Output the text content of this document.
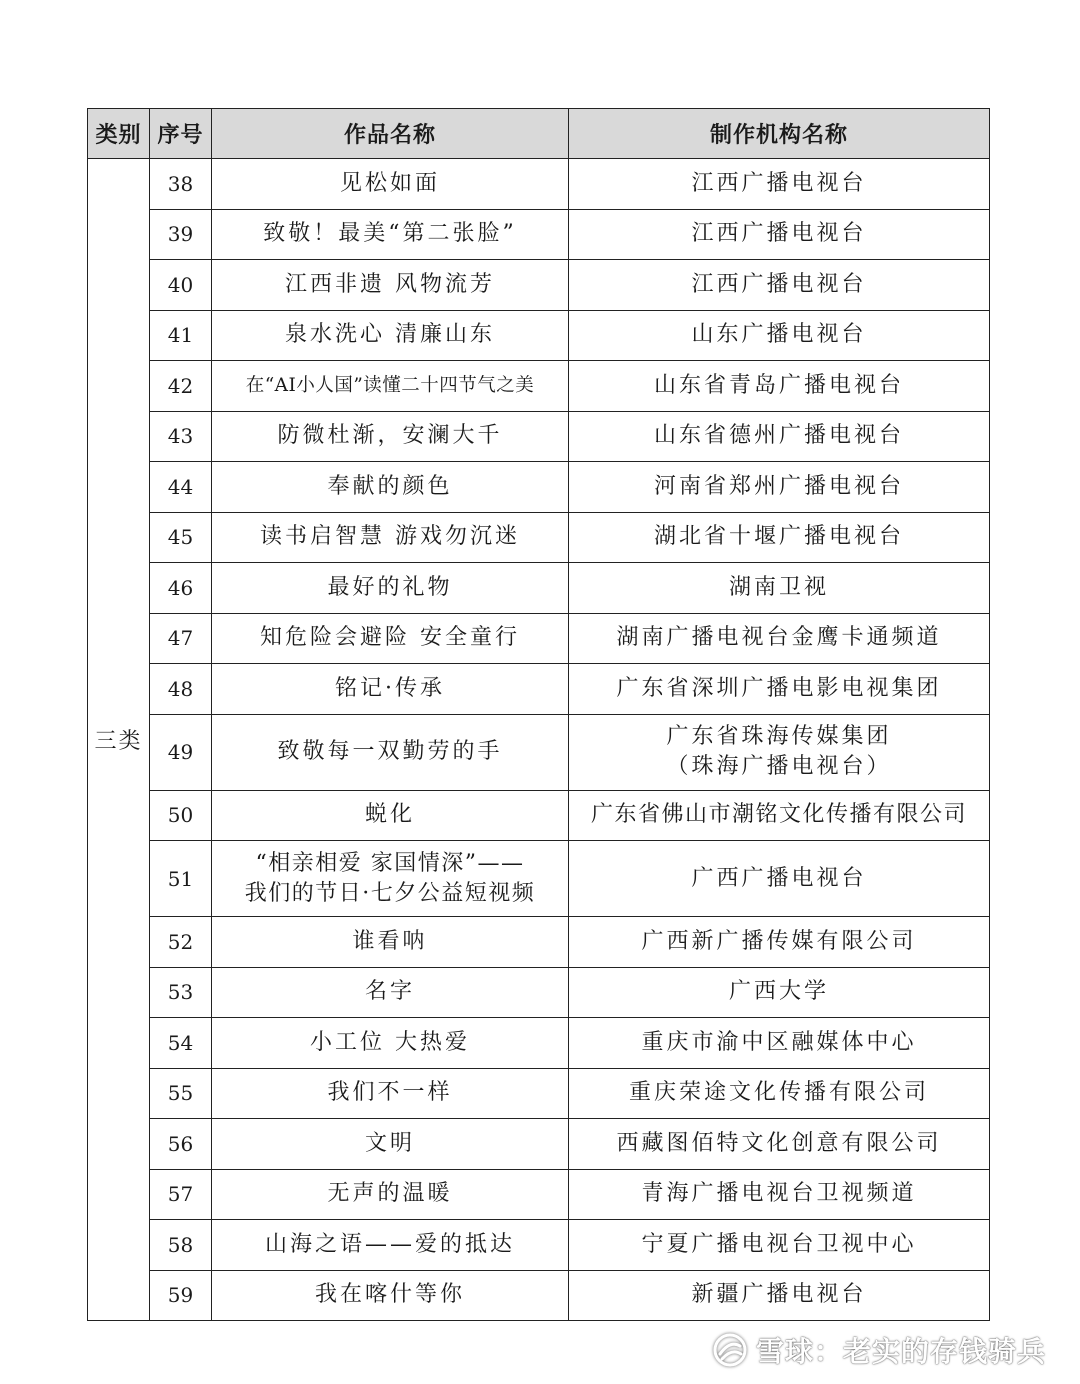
类别	序号	作品名称	制作机构名称
三类	38	见松如面	江西广播电视台

	39	致敬！最美“第二张脸”	江西广播电视台

	40	江西非遗 风物流芳	江西广播电视台

	41	泉水洗心 清廉山东	山东广播电视台

	42	在“AI小人国”读懂二十四节气之美	山东省青岛广播电视台

	43	防微杜渐，安澜大千	山东省德州广播电视台

	44	奉献的颜色	河南省郑州广播电视台

	45	读书启智慧 游戏勿沉迷	湖北省十堰广播电视台

	46	最好的礼物	湖南卫视

	47	知危险会避险 安全童行	湖南广播电视台金鹰卡通频道

	48	铭记·传承	广东省深圳广播电影电视集团

	49	致敬每一双勤劳的手	广东省珠海传媒集团
（珠海广播电视台）

	50	蜕化	广东省佛山市潮铭文化传播有限公司

	51	“相亲相爱 家国情深”——
我们的节日·七夕公益短视频	广西广播电视台

	52	谁看呐	广西新广播传媒有限公司

	53	名字	广西大学

	54	小工位 大热爱	重庆市渝中区融媒体中心

	55	我们不一样	重庆荣途文化传播有限公司

	56	文明	西藏图佰特文化创意有限公司

	57	无声的温暖	青海广播电视台卫视频道

	58	山海之语——爱的抵达	宁夏广播电视台卫视中心

	59	我在喀什等你	新疆广播电视台
雪球：老实的存钱骑兵
